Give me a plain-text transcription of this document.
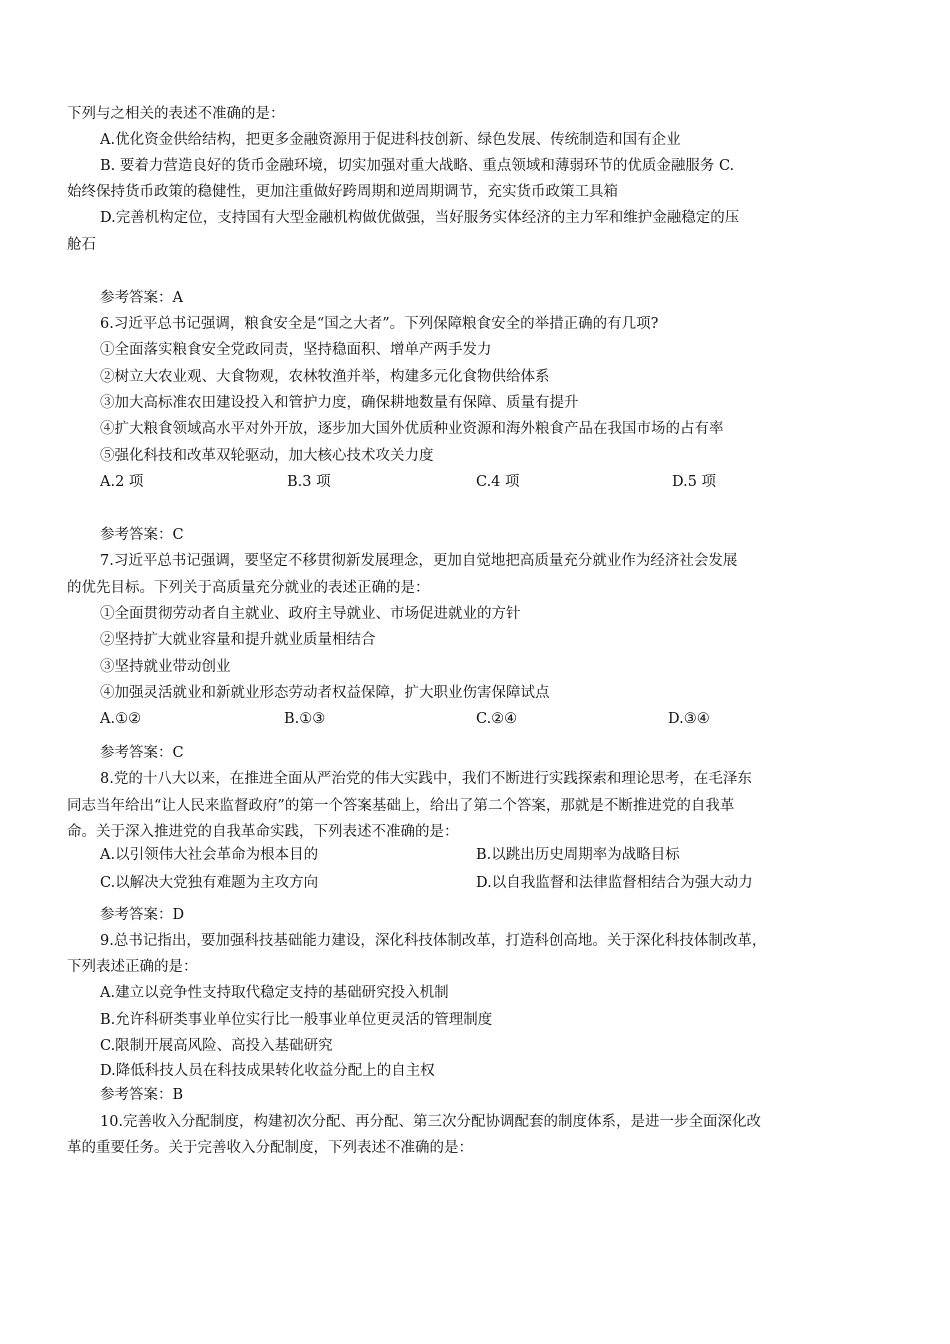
下列与之相关的表述不准确的是：
A.优化资金供给结构，把更多金融资源用于促进科技创新、绿色发展、传统制造和国有企业
B. 要着力营造良好的货币金融环境，切实加强对重大战略、重点领域和薄弱环节的优质金融服务 C.
始终保持货币政策的稳健性，更加注重做好跨周期和逆周期调节，充实货币政策工具箱
D.完善机构定位，支持国有大型金融机构做优做强，当好服务实体经济的主力军和维护金融稳定的压
舱石
参考答案：A
6.习近平总书记强调，粮食安全是“国之大者”。下列保障粮食安全的举措正确的有几项?
①全面落实粮食安全党政同责，坚持稳面积、增单产两手发力
②树立大农业观、大食物观，农林牧渔并举，构建多元化食物供给体系
③加大高标准农田建设投入和管护力度，确保耕地数量有保障、质量有提升
④扩大粮食领域高水平对外开放，逐步加大国外优质种业资源和海外粮食产品在我国市场的占有率
⑤强化科技和改革双轮驱动，加大核心技术攻关力度
A.2 项	B.3 项	C.4 项	D.5 项
参考答案：C
7.习近平总书记强调，要坚定不移贯彻新发展理念，更加自觉地把高质量充分就业作为经济社会发展
的优先目标。下列关于高质量充分就业的表述正确的是：
①全面贯彻劳动者自主就业、政府主导就业、市场促进就业的方针
②坚持扩大就业容量和提升就业质量相结合
③坚持就业带动创业
④加强灵活就业和新就业形态劳动者权益保障，扩大职业伤害保障试点
A.①②	B.①③	C.②④	D.③④
参考答案：C
8.党的十八大以来，在推进全面从严治党的伟大实践中，我们不断进行实践探索和理论思考，在毛泽东
同志当年给出“让人民来监督政府”的第一个答案基础上，给出了第二个答案，那就是不断推进党的自我革
命。关于深入推进党的自我革命实践，下列表述不准确的是：
A.以引领伟大社会革命为根本目的	B.以跳出历史周期率为战略目标
C.以解决大党独有难题为主攻方向	D.以自我监督和法律监督相结合为强大动力
参考答案：D
9.总书记指出，要加强科技基础能力建设，深化科技体制改革，打造科创高地。关于深化科技体制改革，
下列表述正确的是：
A.建立以竞争性支持取代稳定支持的基础研究投入机制
B.允许科研类事业单位实行比一般事业单位更灵活的管理制度
C.限制开展高风险、高投入基础研究
D.降低科技人员在科技成果转化收益分配上的自主权
参考答案：B
10.完善收入分配制度，构建初次分配、再分配、第三次分配协调配套的制度体系，是进一步全面深化改
革的重要任务。关于完善收入分配制度，下列表述不准确的是：
